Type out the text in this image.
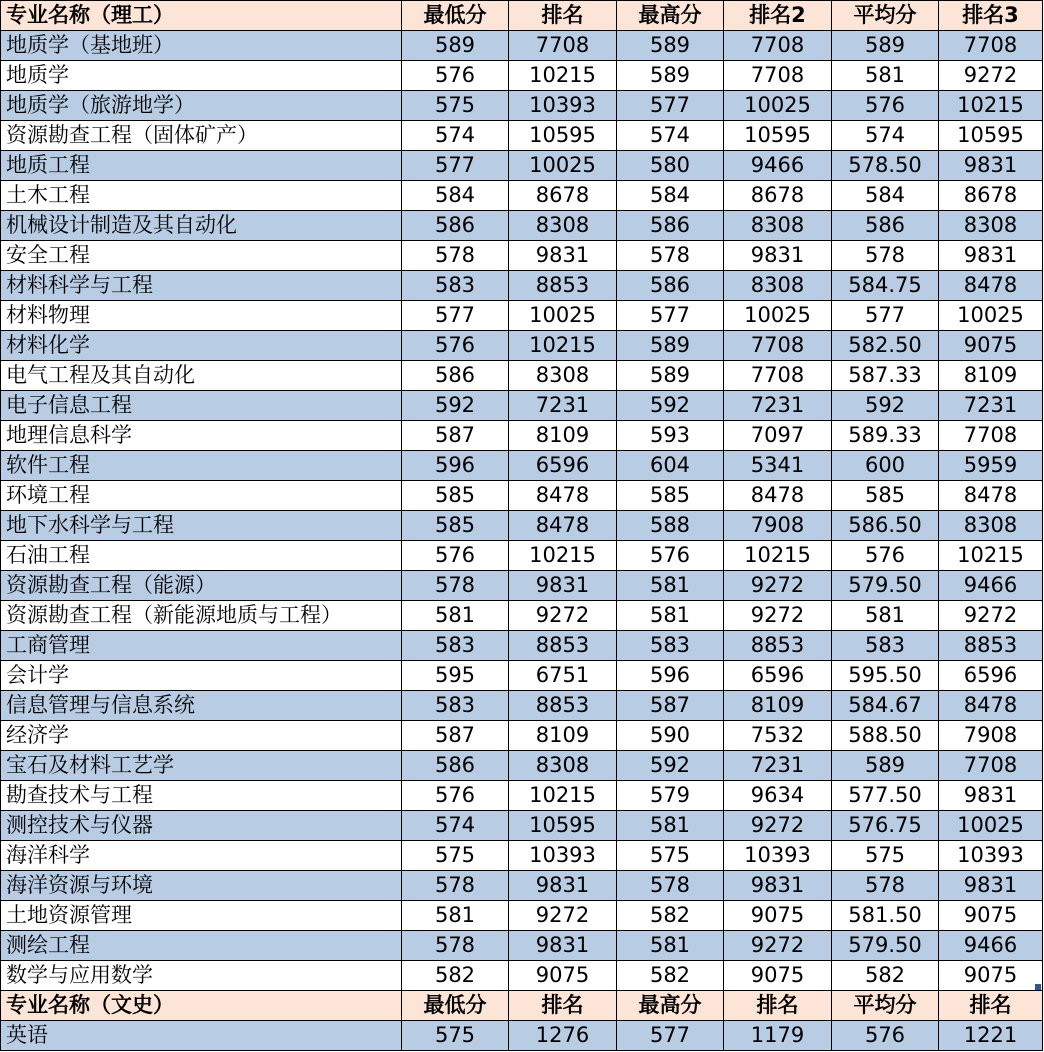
专业名称（理工）	最低分	排名	最高分	排名2	平均分	排名3
地质学（基地班）	589	7708	589	7708	589	7708
地质学	576	10215	589	7708	581	9272
地质学（旅游地学）	575	10393	577	10025	576	10215
资源勘查工程（固体矿产）	574	10595	574	10595	574	10595
地质工程	577	10025	580	9466	578.50	9831
土木工程	584	8678	584	8678	584	8678
机械设计制造及其自动化	586	8308	586	8308	586	8308
安全工程	578	9831	578	9831	578	9831
材料科学与工程	583	8853	586	8308	584.75	8478
材料物理	577	10025	577	10025	577	10025
材料化学	576	10215	589	7708	582.50	9075
电气工程及其自动化	586	8308	589	7708	587.33	8109
电子信息工程	592	7231	592	7231	592	7231
地理信息科学	587	8109	593	7097	589.33	7708
软件工程	596	6596	604	5341	600	5959
环境工程	585	8478	585	8478	585	8478
地下水科学与工程	585	8478	588	7908	586.50	8308
石油工程	576	10215	576	10215	576	10215
资源勘查工程（能源）	578	9831	581	9272	579.50	9466
资源勘查工程（新能源地质与工程）	581	9272	581	9272	581	9272
工商管理	583	8853	583	8853	583	8853
会计学	595	6751	596	6596	595.50	6596
信息管理与信息系统	583	8853	587	8109	584.67	8478
经济学	587	8109	590	7532	588.50	7908
宝石及材料工艺学	586	8308	592	7231	589	7708
勘查技术与工程	576	10215	579	9634	577.50	9831
测控技术与仪器	574	10595	581	9272	576.75	10025
海洋科学	575	10393	575	10393	575	10393
海洋资源与环境	578	9831	578	9831	578	9831
土地资源管理	581	9272	582	9075	581.50	9075
测绘工程	578	9831	581	9272	579.50	9466
数学与应用数学	582	9075	582	9075	582	9075
专业名称（文史）	最低分	排名	最高分	排名	平均分	排名
英语	575	1276	577	1179	576	1221
